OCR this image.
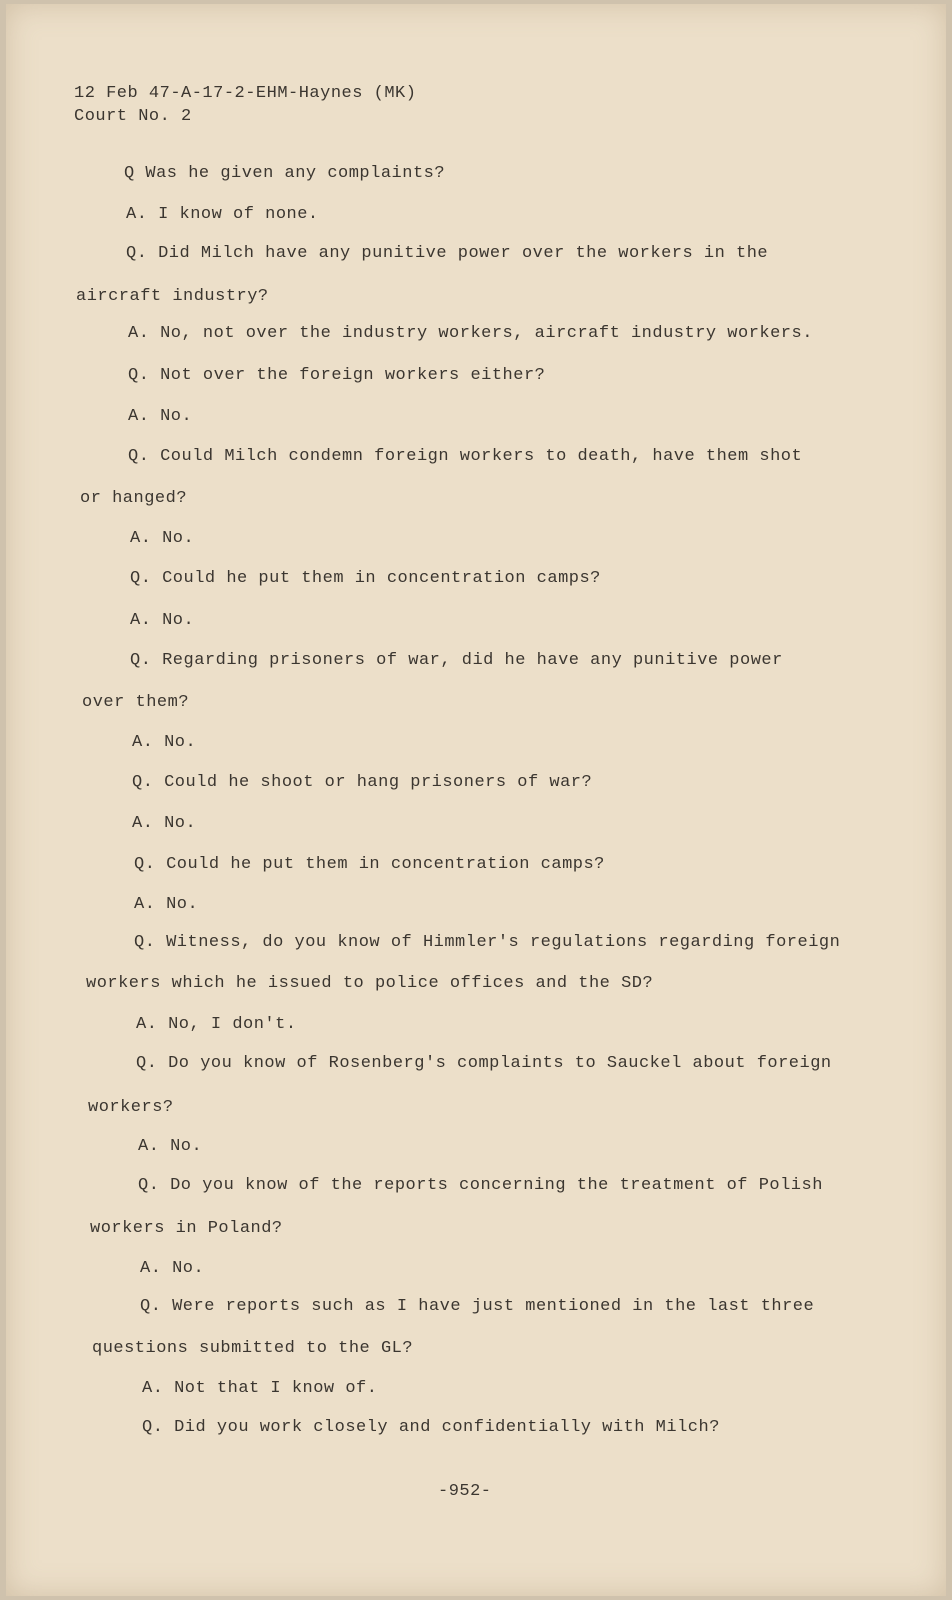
12 Feb 47-A-17-2-EHM-Haynes (MK)
Court No. 2
Q Was he given any complaints?
A. I know of none.
Q. Did Milch have any punitive power over the workers in the
aircraft industry?
A. No, not over the industry workers, aircraft industry workers.
Q. Not over the foreign workers either?
A. No.
Q. Could Milch condemn foreign workers to death, have them shot
or hanged?
A. No.
Q. Could he put them in concentration camps?
A. No.
Q. Regarding prisoners of war, did he have any punitive power
over them?
A. No.
Q. Could he shoot or hang prisoners of war?
A. No.
Q. Could he put them in concentration camps?
A. No.
Q. Witness, do you know of Himmler's regulations regarding foreign
workers which he issued to police offices and the SD?
A. No, I don't.
Q. Do you know of Rosenberg's complaints to Sauckel about foreign
workers?
A. No.
Q. Do you know of the reports concerning the treatment of Polish
workers in Poland?
A. No.
Q. Were reports such as I have just mentioned in the last three
questions submitted to the GL?
A. Not that I know of.
Q. Did you work closely and confidentially with Milch?
-952-
